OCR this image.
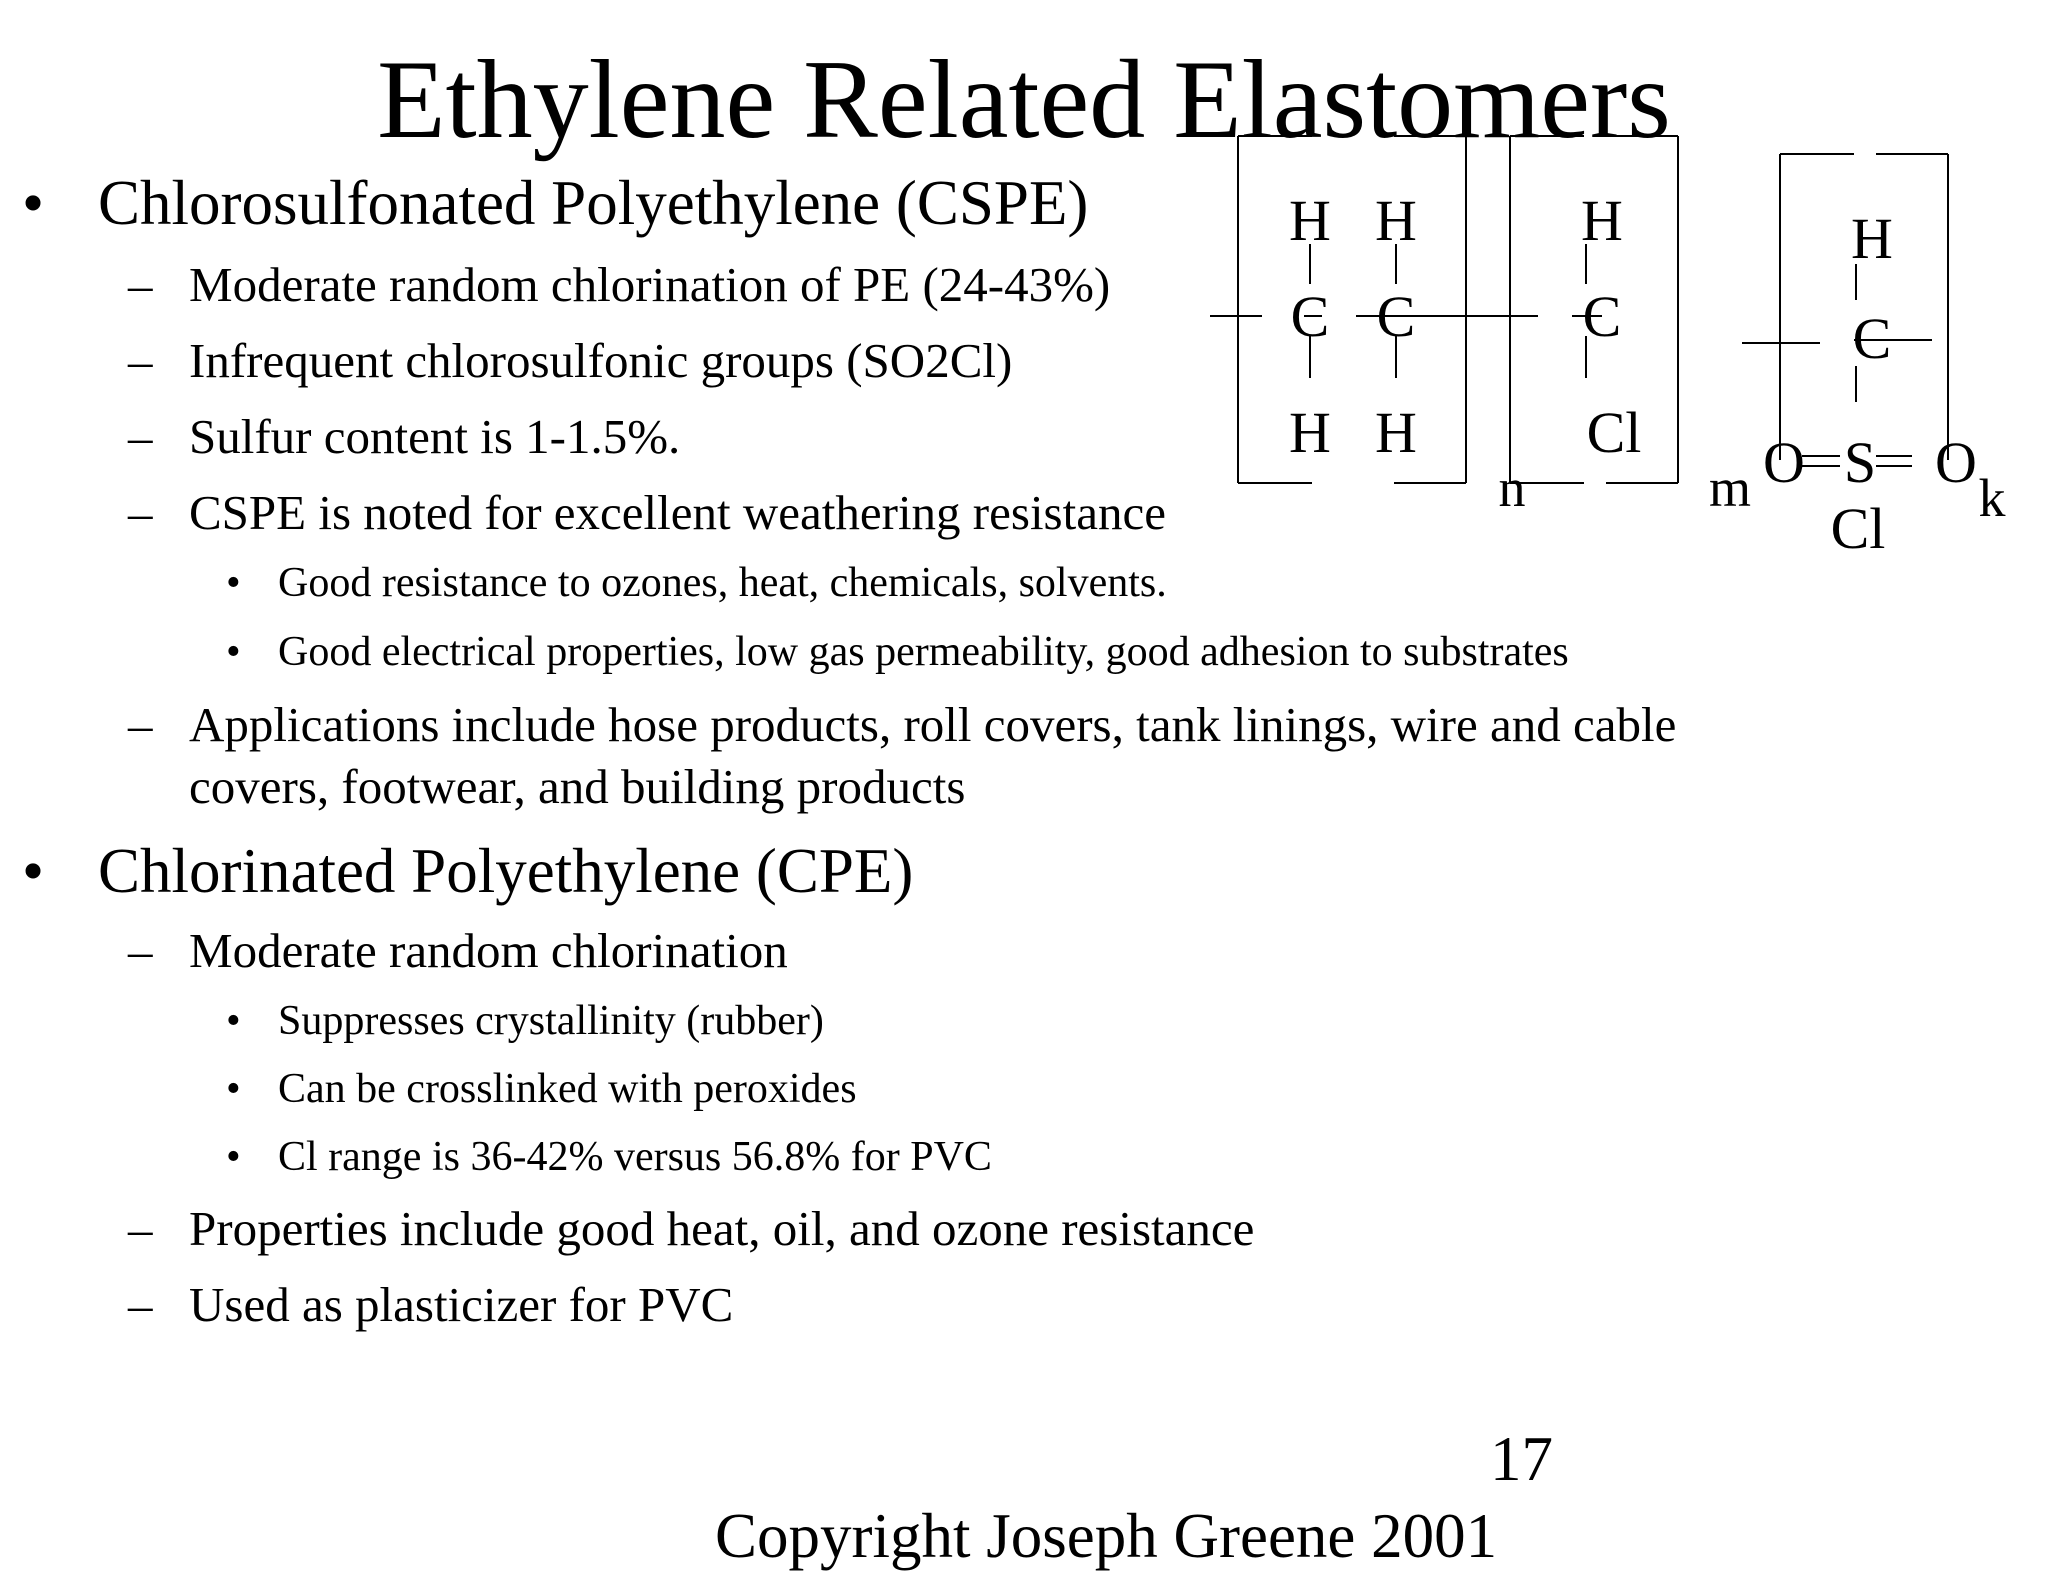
Ethylene Related Elastomers
• Chlorosulfonated Polyethylene (CSPE)
– Moderate random chlorination of PE (24-43%)
– Infrequent chlorosulfonic groups (SO2Cl)
– Sulfur content is 1-1.5%.
– CSPE is noted for excellent weathering resistance
• Good resistance to ozones, heat, chemicals, solvents.
• Good electrical properties, low gas permeability, good adhesion to substrates
– Applications include hose products, roll covers, tank linings, wire and cable
covers, footwear, and building products
• Chlorinated Polyethylene (CPE)
– Moderate random chlorination
• Suppresses crystallinity (rubber)
• Can be crosslinked with peroxides
• Cl range is 36-42% versus 56.8% for PVC
– Properties include good heat, oil, and ozone resistance
– Used as plasticizer for PVC
H H
C C
H H
n
H
C
Cl
m
H
C
O S O
Cl k
17
Copyright Joseph Greene 2001
